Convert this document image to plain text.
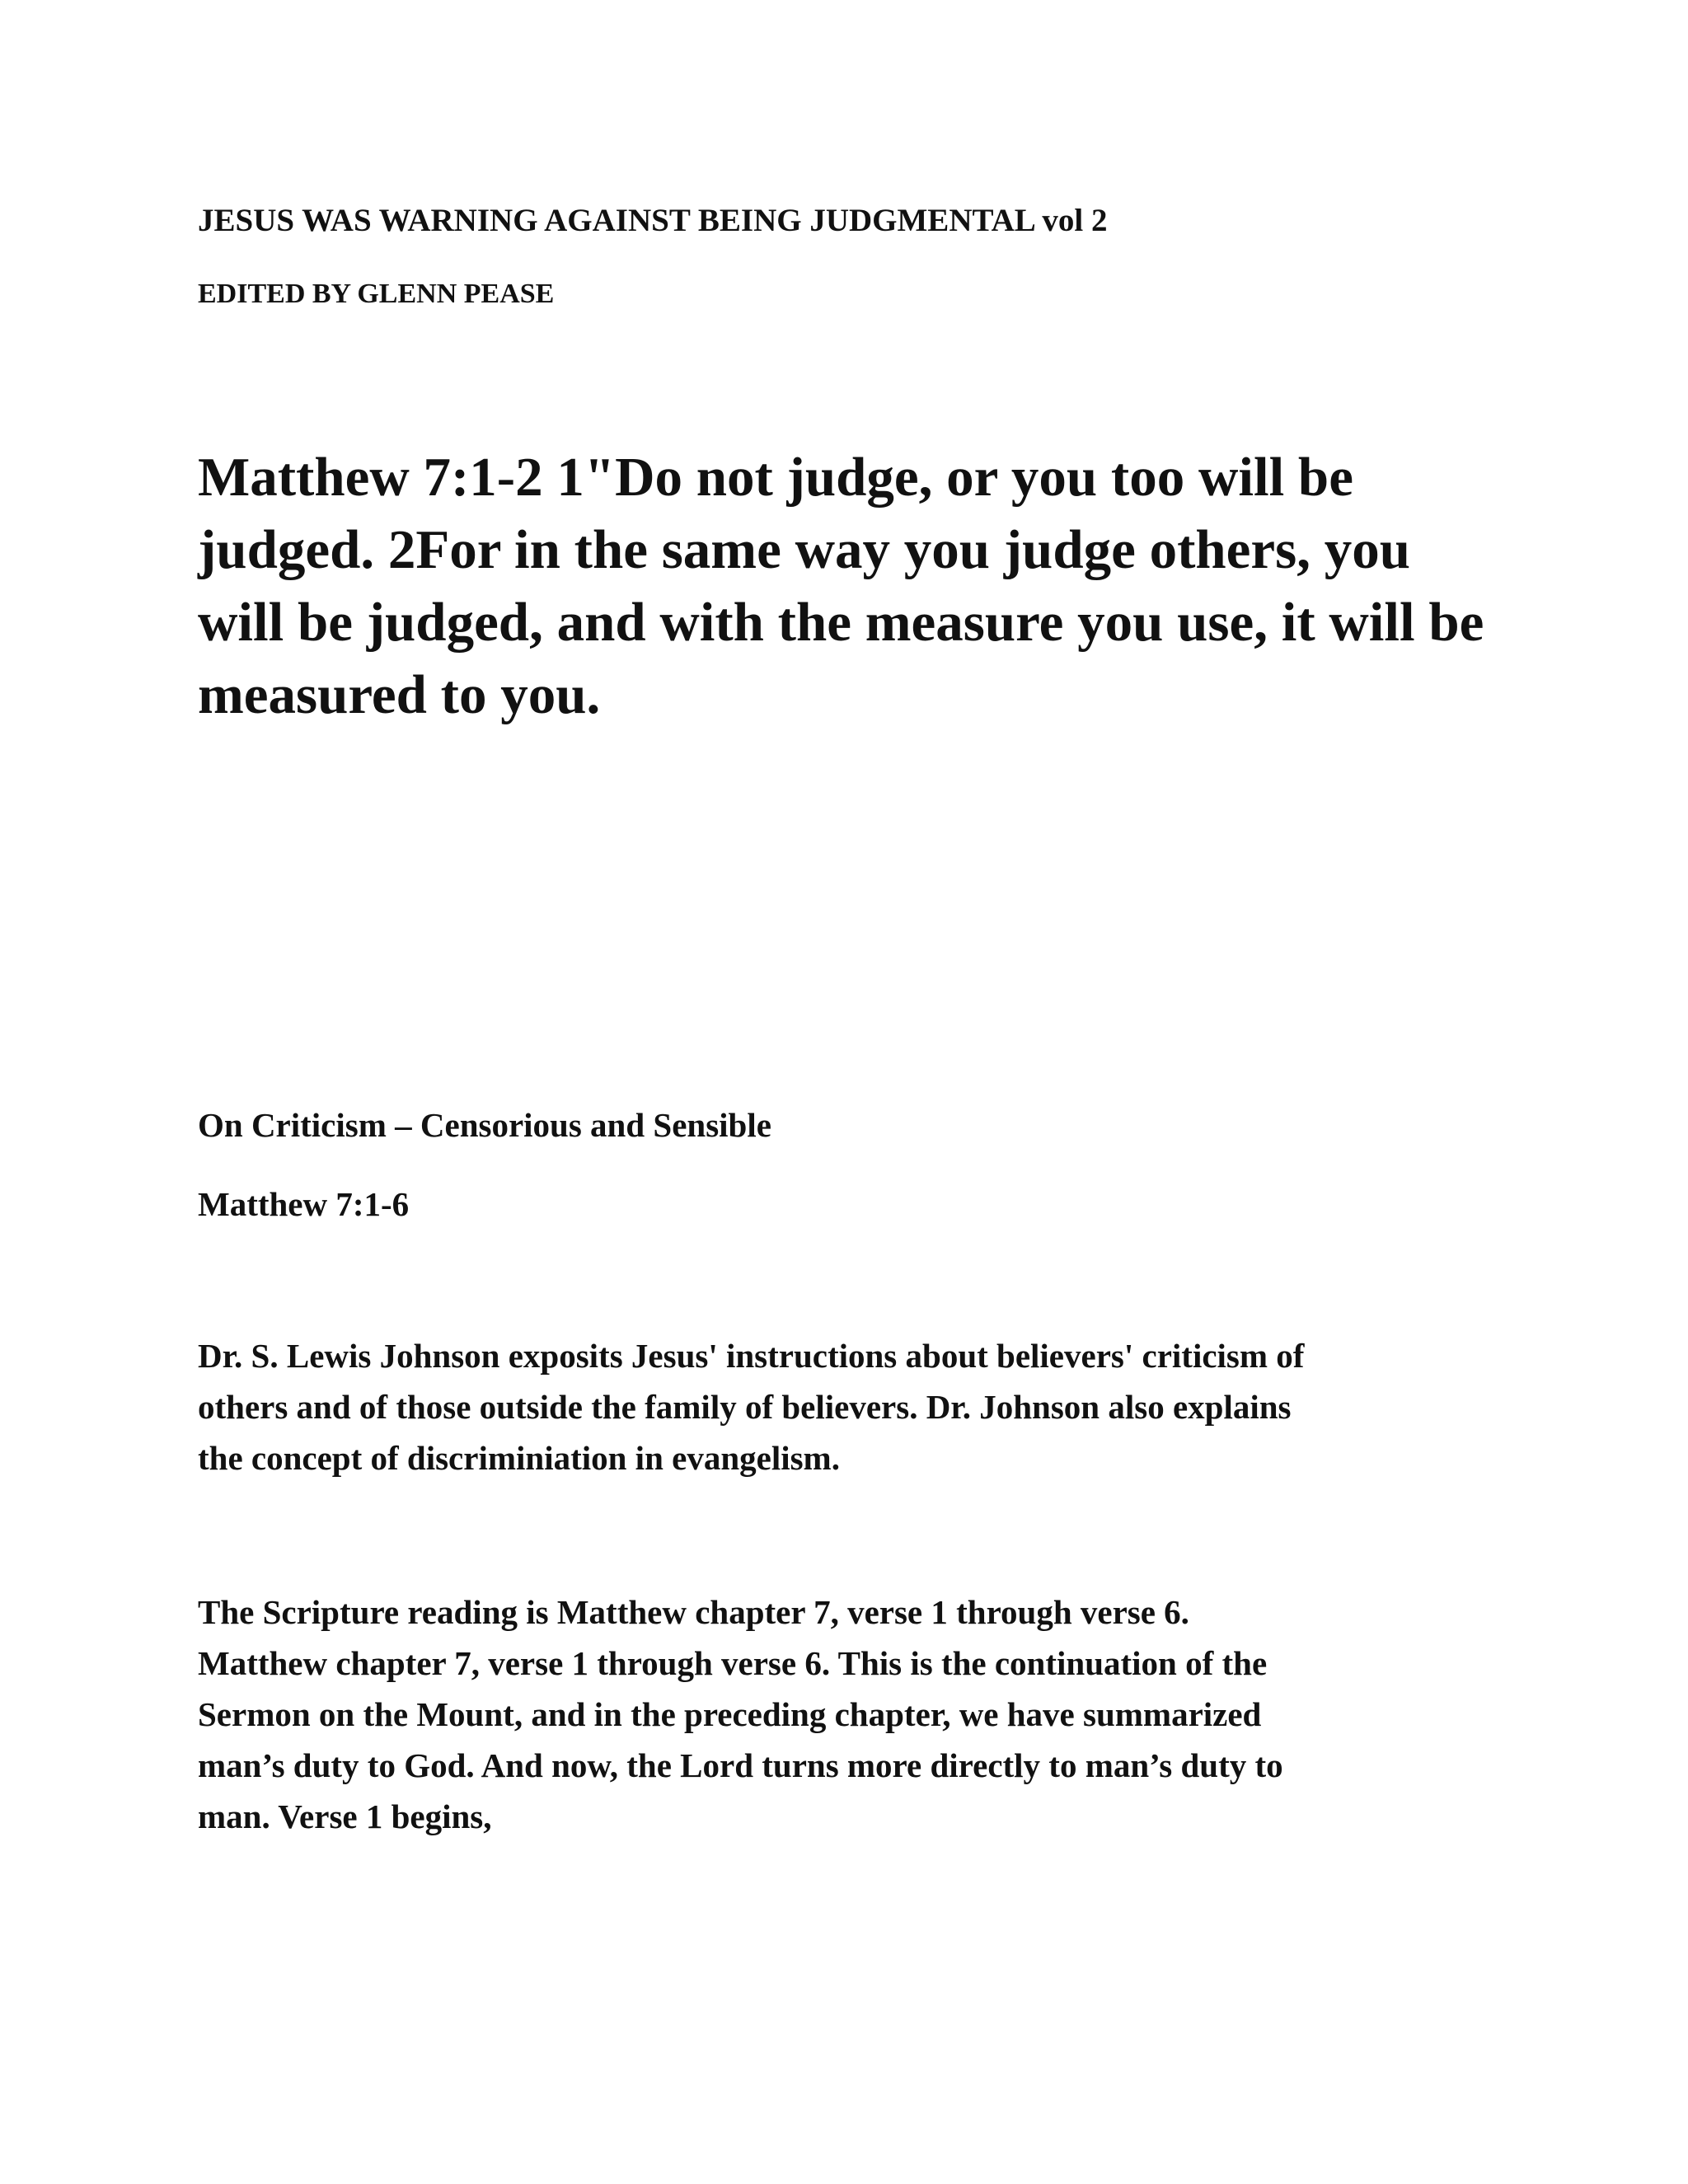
JESUS WAS WARNING AGAINST BEING JUDGMENTAL vol 2
EDITED BY GLENN PEASE
Matthew 7:1-2 1"Do not judge, or you too will be
judged. 2For in the same way you judge others, you
will be judged, and with the measure you use, it will be
measured to you.
On Criticism – Censorious and Sensible
Matthew 7:1-6
Dr. S. Lewis Johnson exposits Jesus' instructions about believers' criticism of
others and of those outside the family of believers. Dr. Johnson also explains
the concept of discriminiation in evangelism.
The Scripture reading is Matthew chapter 7, verse 1 through verse 6.
Matthew chapter 7, verse 1 through verse 6. This is the continuation of the
Sermon on the Mount, and in the preceding chapter, we have summarized
man’s duty to God. And now, the Lord turns more directly to man’s duty to
man. Verse 1 begins,
